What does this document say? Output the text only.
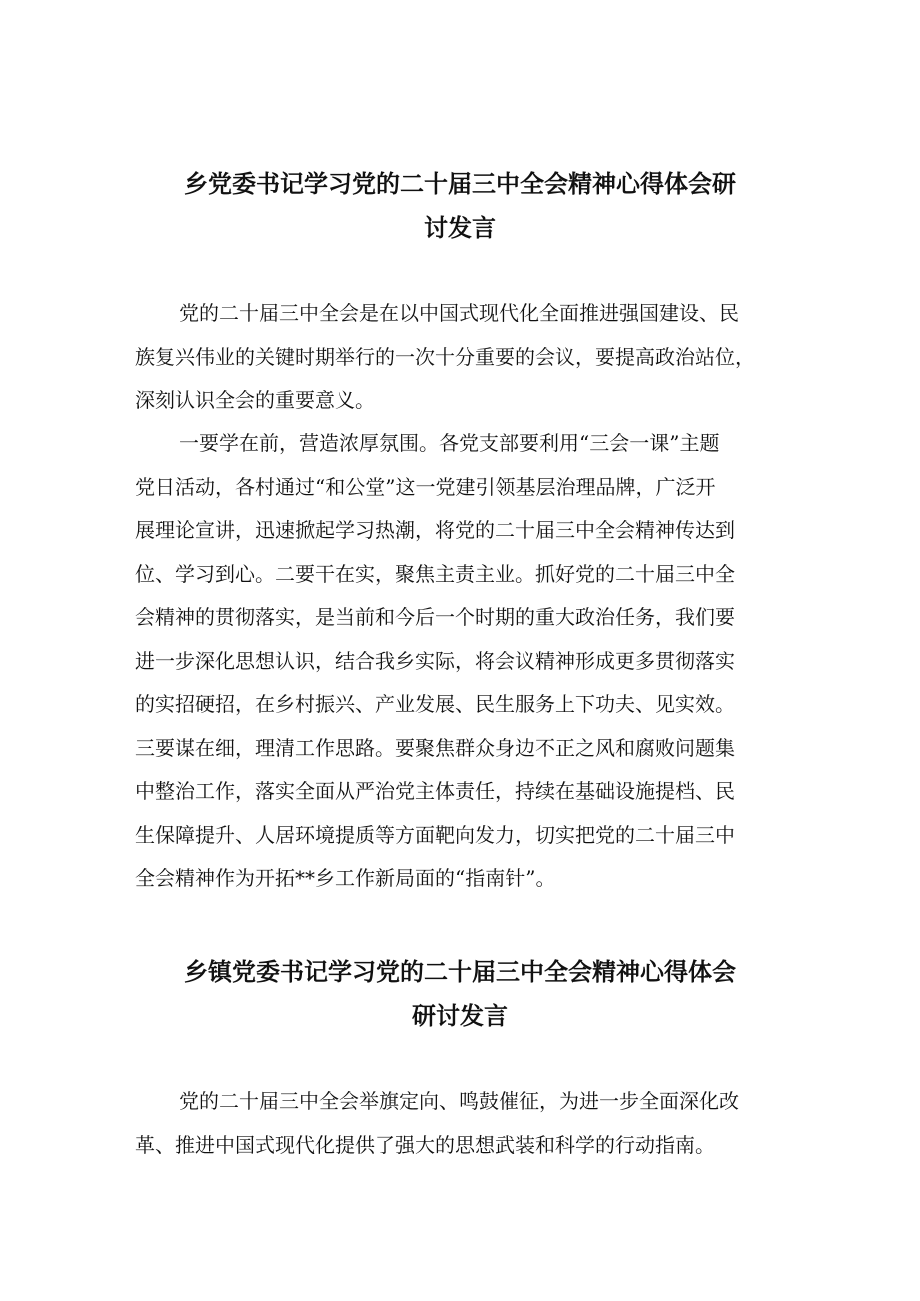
乡党委书记学习党的二十届三中全会精神心得体会研
讨发言

党的二十届三中全会是在以中国式现代化全面推进强国建设、民
族复兴伟业的关键时期举行的一次十分重要的会议，要提高政治站位，
深刻认识全会的重要意义。

一要学在前，营造浓厚氛围。各党支部要利用“三会一课”主题
党日活动，各村通过“和公堂”这一党建引领基层治理品牌，广泛开
展理论宣讲，迅速掀起学习热潮，将党的二十届三中全会精神传达到
位、学习到心。二要干在实，聚焦主责主业。抓好党的二十届三中全
会精神的贯彻落实，是当前和今后一个时期的重大政治任务，我们要
进一步深化思想认识，结合我乡实际，将会议精神形成更多贯彻落实
的实招硬招，在乡村振兴、产业发展、民生服务上下功夫、见实效。
三要谋在细，理清工作思路。要聚焦群众身边不正之风和腐败问题集
中整治工作，落实全面从严治党主体责任，持续在基础设施提档、民
生保障提升、人居环境提质等方面靶向发力，切实把党的二十届三中
全会精神作为开拓**乡工作新局面的“指南针”。

乡镇党委书记学习党的二十届三中全会精神心得体会
研讨发言

党的二十届三中全会举旗定向、鸣鼓催征，为进一步全面深化改
革、推进中国式现代化提供了强大的思想武装和科学的行动指南。
